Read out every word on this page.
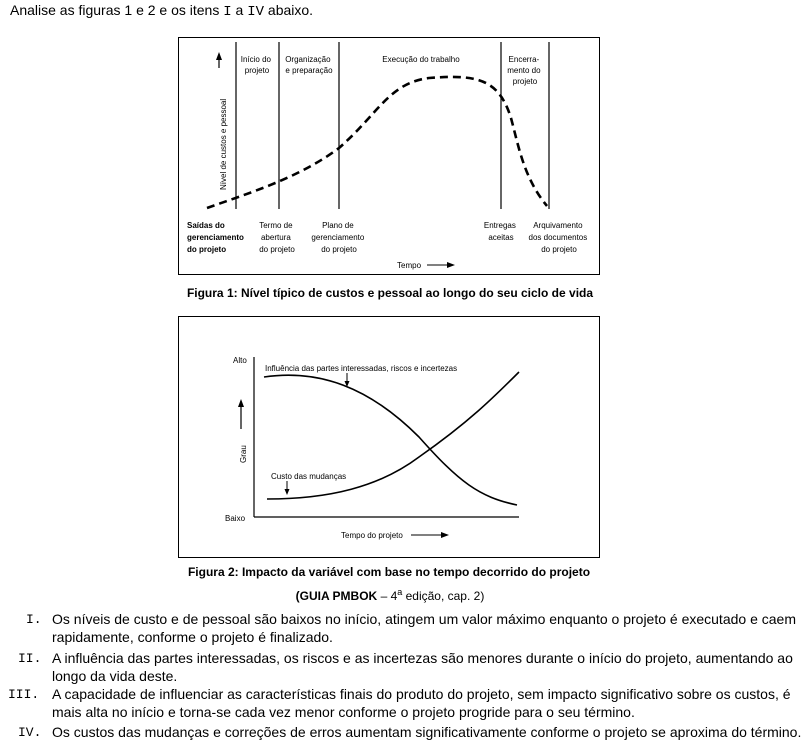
Analise as figuras 1 e 2 e os itens I a IV abaixo.
Nível de custos e pessoal
Início do projeto
Organização e preparação
Execução do trabalho	Encerra- mento do projeto
Saídas do gerenciamento do projeto
Termo de abertura do projeto
Plano de gerenciamento do projeto
Entregas aceitas
Arquivamento dos documentos do projeto
Tempo
Figura 1: Nível típico de custos e pessoal ao longo do seu ciclo de vida
Alto
Baixo
Grau
Influência das partes interessadas, riscos e incertezas
Custo das mudanças
Tempo do projeto
Figura 2: Impacto da variável com base no tempo decorrido do projeto
(GUIA PMBOK – 4$^a$ edição, cap. 2)
I. Os níveis de custo e de pessoal são baixos no início, atingem um valor máximo enquanto o projeto é executado e caem rapidamente, conforme o projeto é finalizado.
II. A influência das partes interessadas, os riscos e as incertezas são menores durante o início do projeto, aumentando ao longo da vida deste.
III. A capacidade de influenciar as características finais do produto do projeto, sem impacto significativo sobre os custos, é mais alta no início e torna-se cada vez menor conforme o projeto progride para o seu término.
IV. Os custos das mudanças e correções de erros aumentam significativamente conforme o projeto se aproxima do término.
